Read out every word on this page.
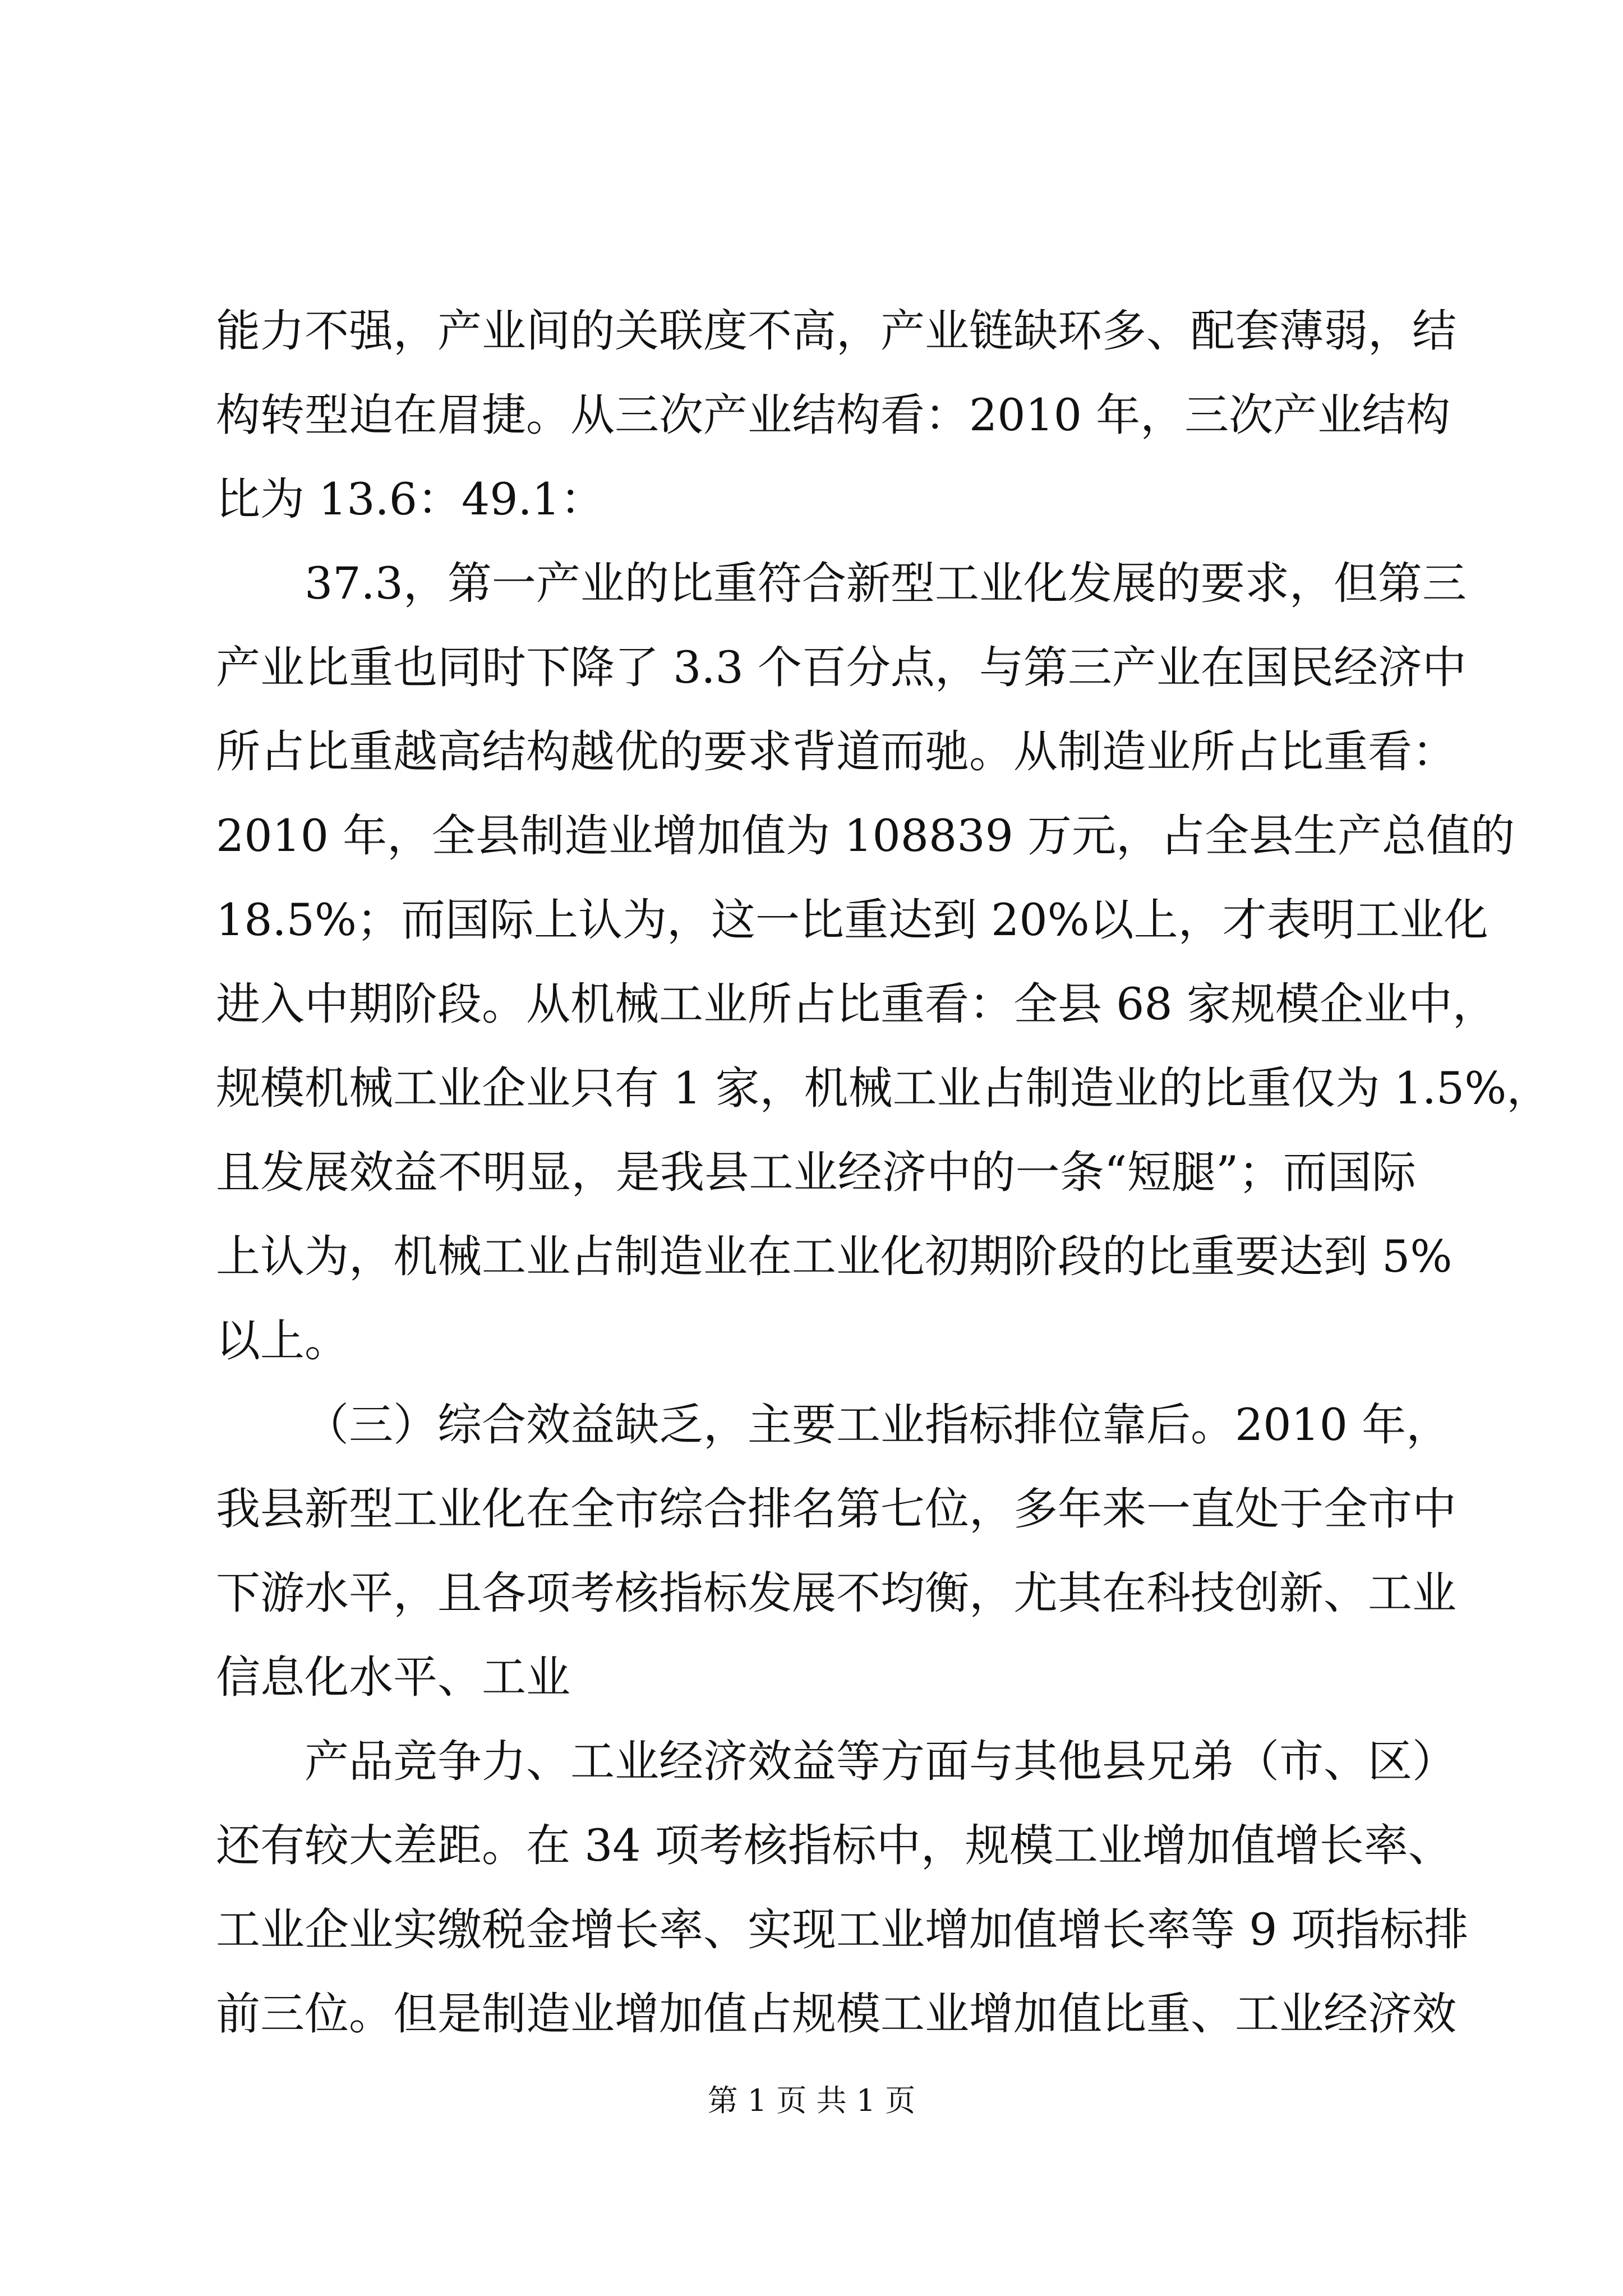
能力不强，产业间的关联度不高，产业链缺环多、配套薄弱，结
构转型迫在眉捷。从三次产业结构看：2010 年，三次产业结构
比为 13.6：49.1：
37.3，第一产业的比重符合新型工业化发展的要求，但第三
产业比重也同时下降了 3.3 个百分点，与第三产业在国民经济中
所占比重越高结构越优的要求背道而驰。从制造业所占比重看：
2010 年，全县制造业增加值为 108839 万元，占全县生产总值的
18.5%；而国际上认为，这一比重达到 20%以上，才表明工业化
进入中期阶段。从机械工业所占比重看：全县 68 家规模企业中，
规模机械工业企业只有 1 家，机械工业占制造业的比重仅为 1.5%，
且发展效益不明显，是我县工业经济中的一条“短腿”；而国际
上认为，机械工业占制造业在工业化初期阶段的比重要达到 5%
以上。
（三）综合效益缺乏，主要工业指标排位靠后。2010 年，
我县新型工业化在全市综合排名第七位，多年来一直处于全市中
下游水平，且各项考核指标发展不均衡，尤其在科技创新、工业
信息化水平、工业
产品竞争力、工业经济效益等方面与其他县兄弟（市、区）
还有较大差距。在 34 项考核指标中，规模工业增加值增长率、
工业企业实缴税金增长率、实现工业增加值增长率等 9 项指标排
前三位。但是制造业增加值占规模工业增加值比重、工业经济效
第 1 页 共 1 页
